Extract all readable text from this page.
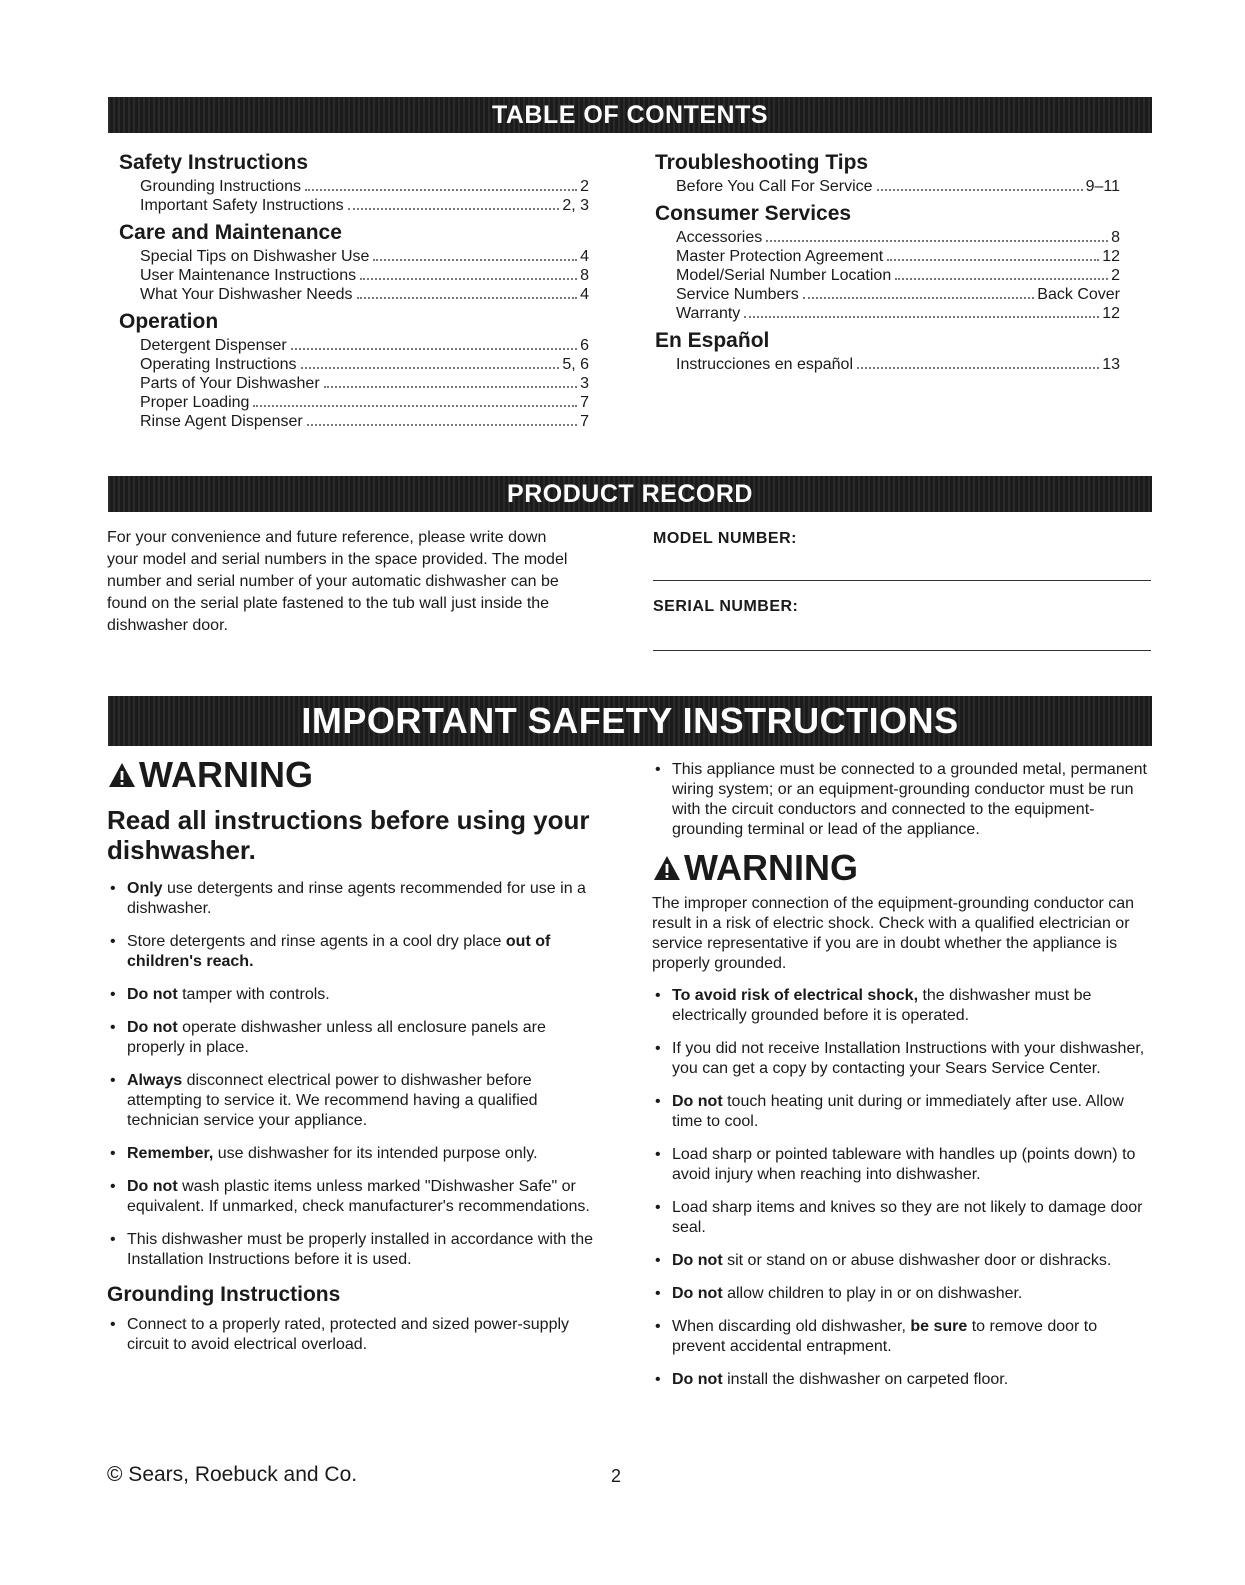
TABLE OF CONTENTS
Safety Instructions
Grounding Instructions	2
Important Safety Instructions	2, 3
Care and Maintenance
Special Tips on Dishwasher Use	4
User Maintenance Instructions	8
What Your Dishwasher Needs	4
Operation
Detergent Dispenser	6
Operating Instructions	5, 6
Parts of Your Dishwasher	3
Proper Loading	7
Rinse Agent Dispenser	7
Troubleshooting Tips
Before You Call For Service	9–11
Consumer Services
Accessories	8
Master Protection Agreement	12
Model/Serial Number Location	2
Service Numbers	Back Cover
Warranty	12
En Español
Instrucciones en español	13
PRODUCT RECORD
For your convenience and future reference, please write down your model and serial numbers in the space provided. The model number and serial number of your automatic dishwasher can be found on the serial plate fastened to the tub wall just inside the dishwasher door.
MODEL NUMBER:
SERIAL NUMBER:
IMPORTANT SAFETY INSTRUCTIONS
WARNING
Read all instructions before using your dishwasher.
• Only use detergents and rinse agents recommended for use in a dishwasher.
• Store detergents and rinse agents in a cool dry place out of children's reach.
• Do not tamper with controls.
• Do not operate dishwasher unless all enclosure panels are properly in place.
• Always disconnect electrical power to dishwasher before attempting to service it. We recommend having a qualified technician service your appliance.
• Remember, use dishwasher for its intended purpose only.
• Do not wash plastic items unless marked "Dishwasher Safe" or equivalent. If unmarked, check manufacturer's recommendations.
• This dishwasher must be properly installed in accordance with the Installation Instructions before it is used.
Grounding Instructions
• Connect to a properly rated, protected and sized power-supply circuit to avoid electrical overload.
• This appliance must be connected to a grounded metal, permanent wiring system; or an equipment-grounding conductor must be run with the circuit conductors and connected to the equipment-grounding terminal or lead of the appliance.
WARNING
The improper connection of the equipment-grounding conductor can result in a risk of electric shock. Check with a qualified electrician or service representative if you are in doubt whether the appliance is properly grounded.
• To avoid risk of electrical shock, the dishwasher must be electrically grounded before it is operated.
• If you did not receive Installation Instructions with your dishwasher, you can get a copy by contacting your Sears Service Center.
• Do not touch heating unit during or immediately after use. Allow time to cool.
• Load sharp or pointed tableware with handles up (points down) to avoid injury when reaching into dishwasher.
• Load sharp items and knives so they are not likely to damage door seal.
• Do not sit or stand on or abuse dishwasher door or dishracks.
• Do not allow children to play in or on dishwasher.
• When discarding old dishwasher, be sure to remove door to prevent accidental entrapment.
• Do not install the dishwasher on carpeted floor.
© Sears, Roebuck and Co.	2
